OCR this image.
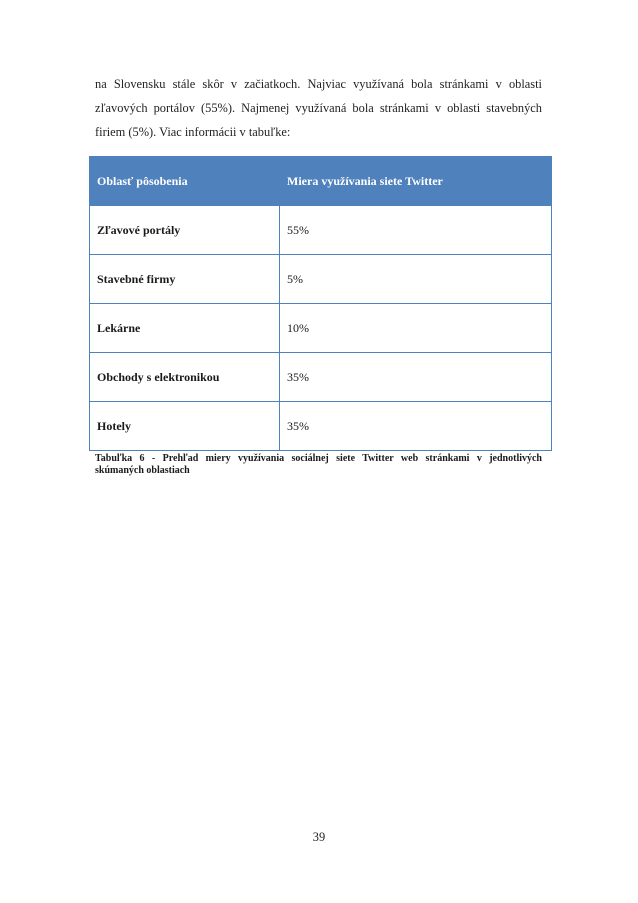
na Slovensku stále skôr v začiatkoch. Najviac využívaná bola stránkami v oblasti
zľavových portálov (55%). Najmenej využívaná bola stránkami v oblasti stavebných
firiem (5%). Viac informácii v tabuľke:

Oblasť pôsobenia	Miera využívania siete Twitter
Zľavové portály	55%
Stavebné firmy	5%
Lekárne	10%
Obchody s elektronikou	35%
Hotely	35%
Tabuľka 6 - Prehľad miery využívania sociálnej siete Twitter web stránkami v jednotlivých
skúmaných oblastiach
39
